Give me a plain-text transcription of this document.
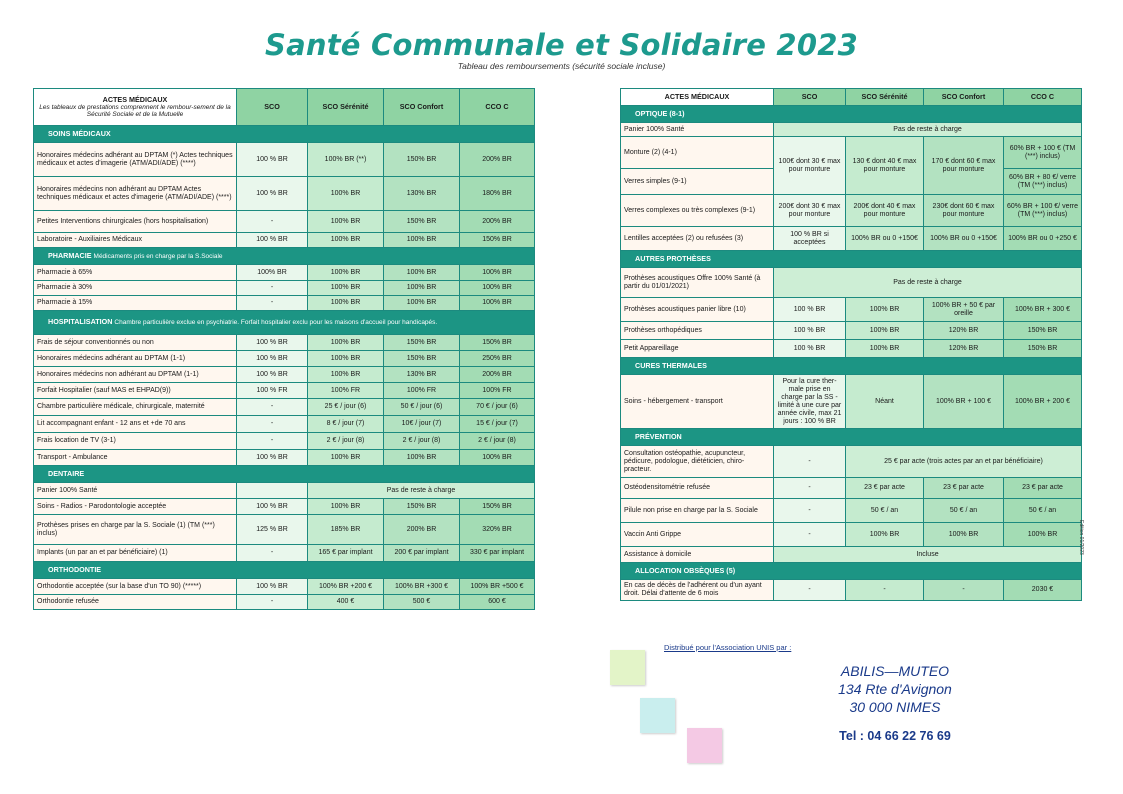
Santé Communale et Solidaire 2023
Tableau des remboursements (sécurité sociale incluse)
ACTES MÉDICAUX
Les tableaux de prestations comprennent le rembour-sement de la Sécurité Sociale et de la Mutuelle	SCO	SCO Sérénité	SCO Confort	CCO C
SOINS MÉDICAUX				
Honoraires médecins adhérant au DPTAM (*) Actes techniques médicaux et actes d'imagerie (ATM/ADI/ADE) (****)	100 % BR	100% BR (**)	150% BR	200% BR
Honoraires médecins non adhérant au DPTAM Actes techniques médicaux et actes d'imagerie (ATM/ADI/ADE) (****)	100 % BR	100% BR	130% BR	180% BR
Petites Interventions chirurgicales (hors hospitalisation)	-	100% BR	150% BR	200% BR
Laboratoire - Auxiliaires Médicaux	100 % BR	100% BR	100% BR	150% BR
PHARMACIE Médicaments pris en charge par la S.Sociale				
Pharmacie à 65%	100% BR	100% BR	100% BR	100% BR
Pharmacie à 30%	-	100% BR	100% BR	100% BR
Pharmacie à 15%	-	100% BR	100% BR	100% BR
HOSPITALISATION Chambre particulière exclue en psychiatrie. Forfait hospitalier exclu pour les maisons d'accueil pour handicapés.				
Frais de séjour conventionnés ou non	100 % BR	100% BR	150% BR	150% BR
Honoraires médecins adhérant au DPTAM (1-1)	100 % BR	100% BR	150% BR	250% BR
Honoraires médecins non adhérant au DPTAM (1-1)	100 % BR	100% BR	130% BR	200% BR
Forfait Hospitalier (sauf MAS et EHPAD(9))	100 % FR	100% FR	100% FR	100% FR
Chambre particulière médicale, chirurgicale, maternité	-	25 € / jour (6)	50 € / jour (6)	70 € / jour (6)
Lit accompagnant enfant - 12 ans et +de 70 ans	-	8 € / jour (7)	10€ / jour (7)	15 € / jour (7)
Frais location de TV (3-1)	-	2 € / jour (8)	2 € / jour (8)	2 € / jour (8)
Transport - Ambulance	100 % BR	100% BR	100% BR	100% BR
DENTAIRE				
Panier 100% Santé		Pas de reste à charge		
Soins - Radios - Parodontologie acceptée	100 % BR	100% BR	150% BR	150% BR
Prothèses prises en charge par la S. Sociale (1) (TM (***) inclus)	125 % BR	185% BR	200% BR	320% BR
Implants (un par an et par bénéficiaire) (1)	-	165 € par implant	200 € par implant	330 € par implant
ORTHODONTIE				
Orthodontie acceptée (sur la base d'un TO 90) (*****)	100 % BR	100% BR +200 €	100% BR +300 €	100% BR +500 €
Orthodontie refusée	-	400 €	500 €	600 €
ACTES MÉDICAUX	SCO	SCO Sérénité	SCO Confort	CCO C
OPTIQUE (8-1)				
Panier 100% Santé	Pas de reste à charge			
Monture (2) (4-1)	100€ dont 30 € max pour monture	130 € dont 40 € max pour monture	170 € dont 60 € max pour monture	60% BR + 100 € (TM (***) inclus)
Verres simples (9-1)				60% BR + 80 €/ verre (TM (***) inclus)
Verres complexes ou très complexes (9-1)	200€ dont 30 € max pour monture	200€ dont 40 € max pour monture	230€ dont 60 € max pour monture	60% BR + 100 €/ verre (TM (***) inclus)
Lentilles acceptées (2) ou refusées (3)	100 % BR si acceptées	100% BR ou 0 +150€	100% BR ou 0 +150€	100% BR ou 0 +250 €
AUTRES PROTHÈSES				
Prothèses acoustiques Offre 100% Santé (à partir du 01/01/2021)	Pas de reste à charge			
Prothèses acoustiques panier libre (10)	100 % BR	100% BR	100% BR + 50 € par oreille	100% BR + 300 €
Prothèses orthopédiques	100 % BR	100% BR	120% BR	150% BR
Petit Appareillage	100 % BR	100% BR	120% BR	150% BR
CURES THERMALES				
Soins - hébergement - transport	Pour la cure ther-male prise en charge par la SS - limité à une cure par année civile, max 21 jours : 100 % BR	Néant	100% BR + 100 €	100% BR + 200 €
PRÉVENTION				
Consultation ostéopathie, acupuncteur, pédicure, podologue, diététicien, chiro-practeur.	-	25 € par acte (trois actes par an et par bénéficiaire)		
Ostéodensitométrie refusée	-	23 € par acte	23 € par acte	23 € par acte
Pilule non prise en charge par la S. Sociale	-	50 € / an	50 € / an	50 € / an
Vaccin Anti Grippe	-	100% BR	100% BR	100% BR
Assistance à domicile	Incluse			
ALLOCATION OBSÈQUES (5)				
En cas de décès de l'adhérent ou d'un ayant droit. Délai d'attente de 6 mois	-	-	-	2030 €
Edition 01/2023
Distribué pour l'Association UNIS par :
ABILIS—MUTEO
134 Rte d'Avignon
30 000 NIMES
Tel : 04 66 22 76 69
